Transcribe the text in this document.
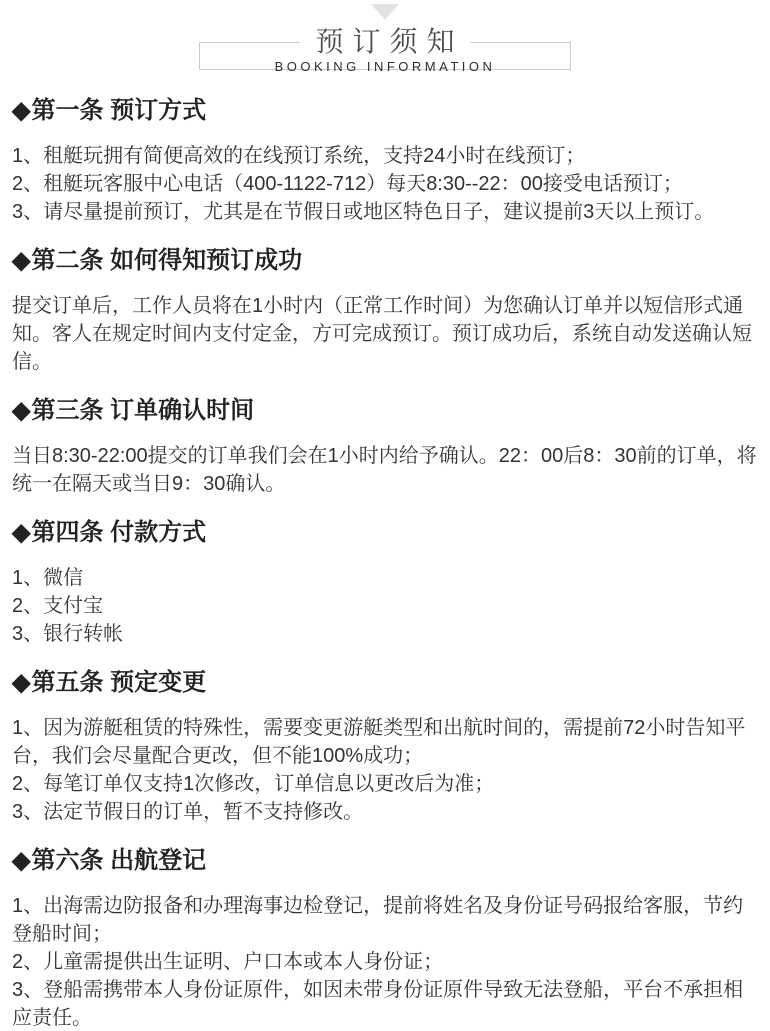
预订须知
BOOKING INFORMATION
◆第一条 预订方式

1、租艇玩拥有简便高效的在线预订系统，支持24小时在线预订；

2、租艇玩客服中心电话（400-1122-712）每天8:30--22：00接受电话预订；

3、请尽量提前预订，尤其是在节假日或地区特色日子，建议提前3天以上预订。

◆第二条 如何得知预订成功

提交订单后，工作人员将在1小时内（正常工作时间）为您确认订单并以短信形式通知。客人在规定时间内支付定金，方可完成预订。预订成功后，系统自动发送确认短信。

◆第三条 订单确认时间

当日8:30-22:00提交的订单我们会在1小时内给予确认。22：00后8：30前的订单，将统一在隔天或当日9：30确认。

◆第四条 付款方式

1、微信

2、支付宝

3、银行转帐

◆第五条 预定变更

1、因为游艇租赁的特殊性，需要变更游艇类型和出航时间的，需提前72小时告知平台，我们会尽量配合更改，但不能100%成功；

2、每笔订单仅支持1次修改，订单信息以更改后为准；

3、法定节假日的订单，暂不支持修改。

◆第六条 出航登记

1、出海需边防报备和办理海事边检登记，提前将姓名及身份证号码报给客服，节约登船时间；

2、儿童需提供出生证明、户口本或本人身份证；

3、登船需携带本人身份证原件，如因未带身份证原件导致无法登船，平台不承担相应责任。
